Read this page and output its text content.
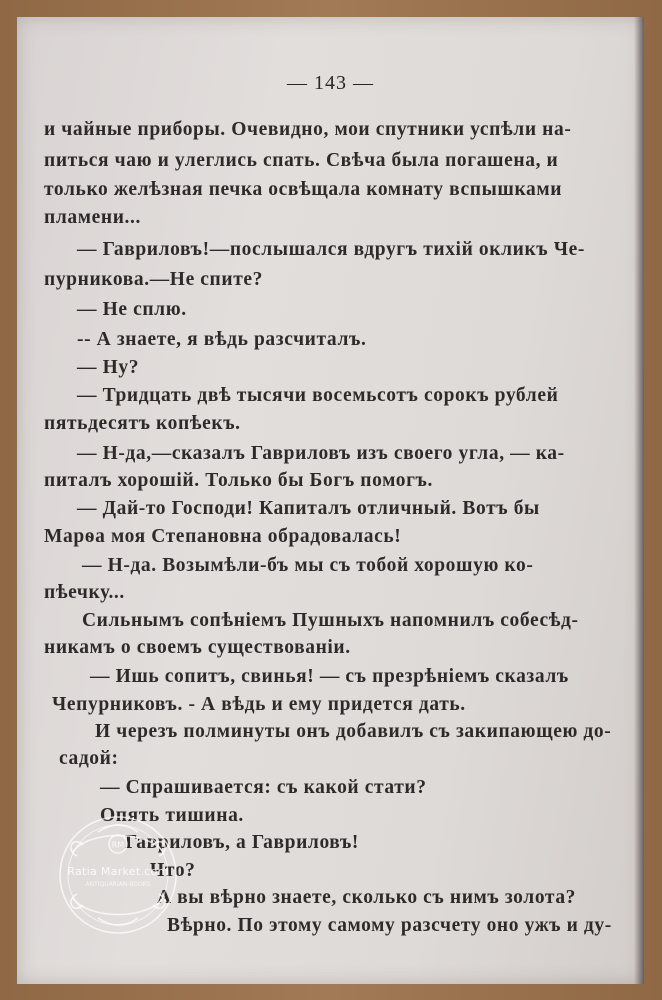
— 143 —
и чайные приборы. Очевидно, мои спутники успѣли на-
питься чаю и улеглись спать. Свѣча была погашена, и
только желѣзная печка освѣщала комнату вспышками
пламени...
— Гавриловъ!—послышался вдругъ тихій окликъ Че-
пурникова.—Не спите?
— Не сплю.
-- А знаете, я вѣдь разсчиталъ.
— Ну?
— Тридцать двѣ тысячи восемьсотъ сорокъ рублей
пятьдесятъ копѣекъ.
— Н-да,—сказалъ Гавриловъ изъ своего угла, — ка-
питалъ хорошій. Только бы Богъ помогъ.
— Дай-то Господи! Капиталъ отличный. Вотъ бы
Марѳа моя Степановна обрадовалась!
— Н-да. Возымѣли-бъ мы съ тобой хорошую ко-
пѣечку...
Сильнымъ сопѣніемъ Пушныхъ напомнилъ собесѣд-
никамъ о своемъ существованіи.
— Ишь сопитъ, свинья! — съ презрѣніемъ сказалъ
Чепурниковъ. - А вѣдь и ему придется дать.
И черезъ полминуты онъ добавилъ съ закипающею до-
садой:
— Спрашивается: съ какой стати?
Опять тишина.
Гавриловъ, а Гавриловъ!
Что?
А вы вѣрно знаете, сколько съ нимъ золота?
Вѣрно. По этому самому разсчету оно ужъ и ду-
RM
Ratia Market.com
ANTIQUARIAN BOOKS
